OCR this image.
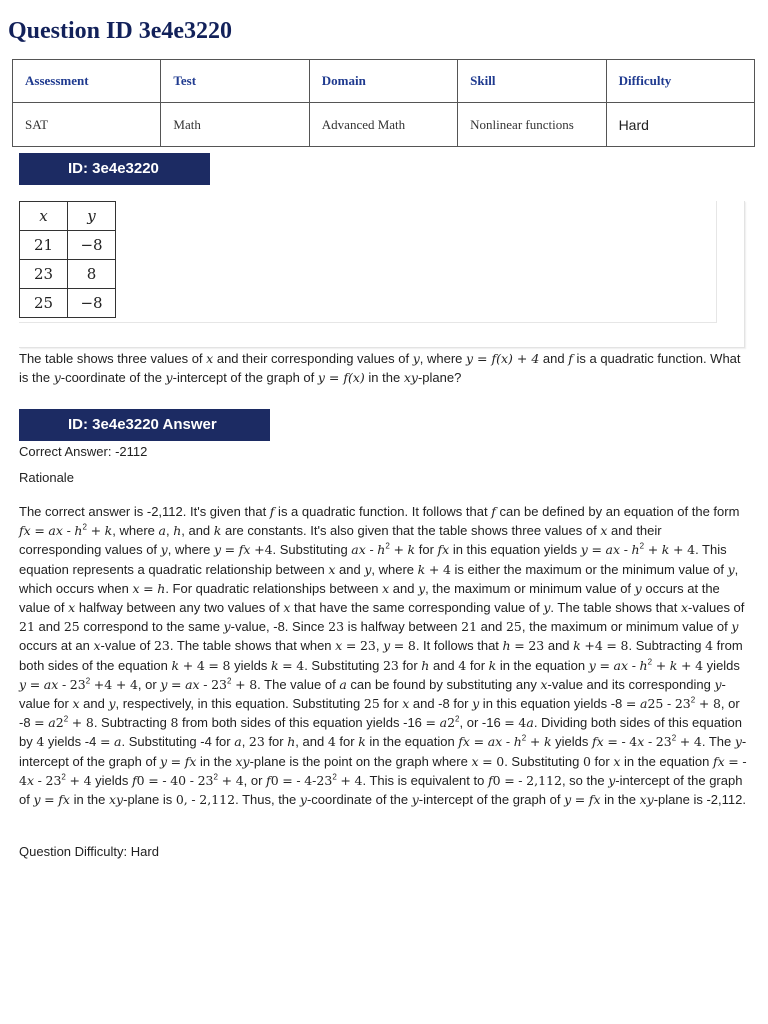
Question ID 3e4e3220
Assessment	Test	Domain	Skill	Difficulty
SAT	Math	Advanced Math	Nonlinear functions	Hard
ID: 3e4e3220
x	y
21	−8
23	8
25	−8

The table shows three values of x and their corresponding values of y, where y = f(x) + 4 and f is a quadratic function. What is the y-coordinate of the y-intercept of the graph of y = f(x) in the xy-plane?

ID: 3e4e3220 Answer

Correct Answer: -2112

Rationale

The correct answer is -2,112. It's given that f is a quadratic function. It follows that f can be defined by an equation of the form fx = ax - $h^2 + k$, where a, h, and k are constants. It's also given that the table shows three values of x and their corresponding values of y, where y = fx +4. Substituting ax - $h^2 + k$ for fx in this equation yields y = ax - $h^2 + k + 4$. This equation represents a quadratic relationship between x and y, where k + 4 is either the maximum or the minimum value of y, which occurs when x = h. For quadratic relationships between x and y, the maximum or minimum value of y occurs at the value of x halfway between any two values of x that have the same corresponding value of y. The table shows that x-values of 21 and 25 correspond to the same y-value, -8. Since 23 is halfway between 21 and 25, the maximum or minimum value of y occurs at an x-value of 23. The table shows that when x = 23, y = 8. It follows that h = 23 and k +4 = 8. Subtracting 4 from both sides of the equation k + 4 = 8 yields k = 4. Substituting 23 for h and 4 for k in the equation y = ax - $h^2 + k + 4$ yields y = ax - $23^2 +4 + 4$, or y = ax - $23^2 + 8$. The value of a can be found by substituting any x-value and its corresponding y-value for x and y, respectively, in this equation. Substituting 25 for x and -8 for y in this equation yields $-8 = a25 - 23^2 + 8$, or $-8 = a2^2 + 8$. Subtracting 8 from both sides of this equation yields $-16 = a2^2$, or -16 = 4a. Dividing both sides of this equation by 4 yields -4 = a. Substituting -4 for a, 23 for h, and 4 for k in the equation fx = ax - $h^2 + k$ yields fx = - $4x - 23^2 + 4$. The y-intercept of the graph of y = fx in the xy-plane is the point on the graph where x = 0. Substituting 0 for x in the equation fx = - $4x - 23^2 + 4$ yields f0 = - $40 - 23^2 + 4$, or f0 = - $4-23^2 + 4$. This is equivalent to f0 = - 2,112, so the y-intercept of the graph of y = fx in the xy-plane is 0, - 2,112. Thus, the y-coordinate of the y-intercept of the graph of y = fx in the xy-plane is -2,112.

Question Difficulty: Hard
